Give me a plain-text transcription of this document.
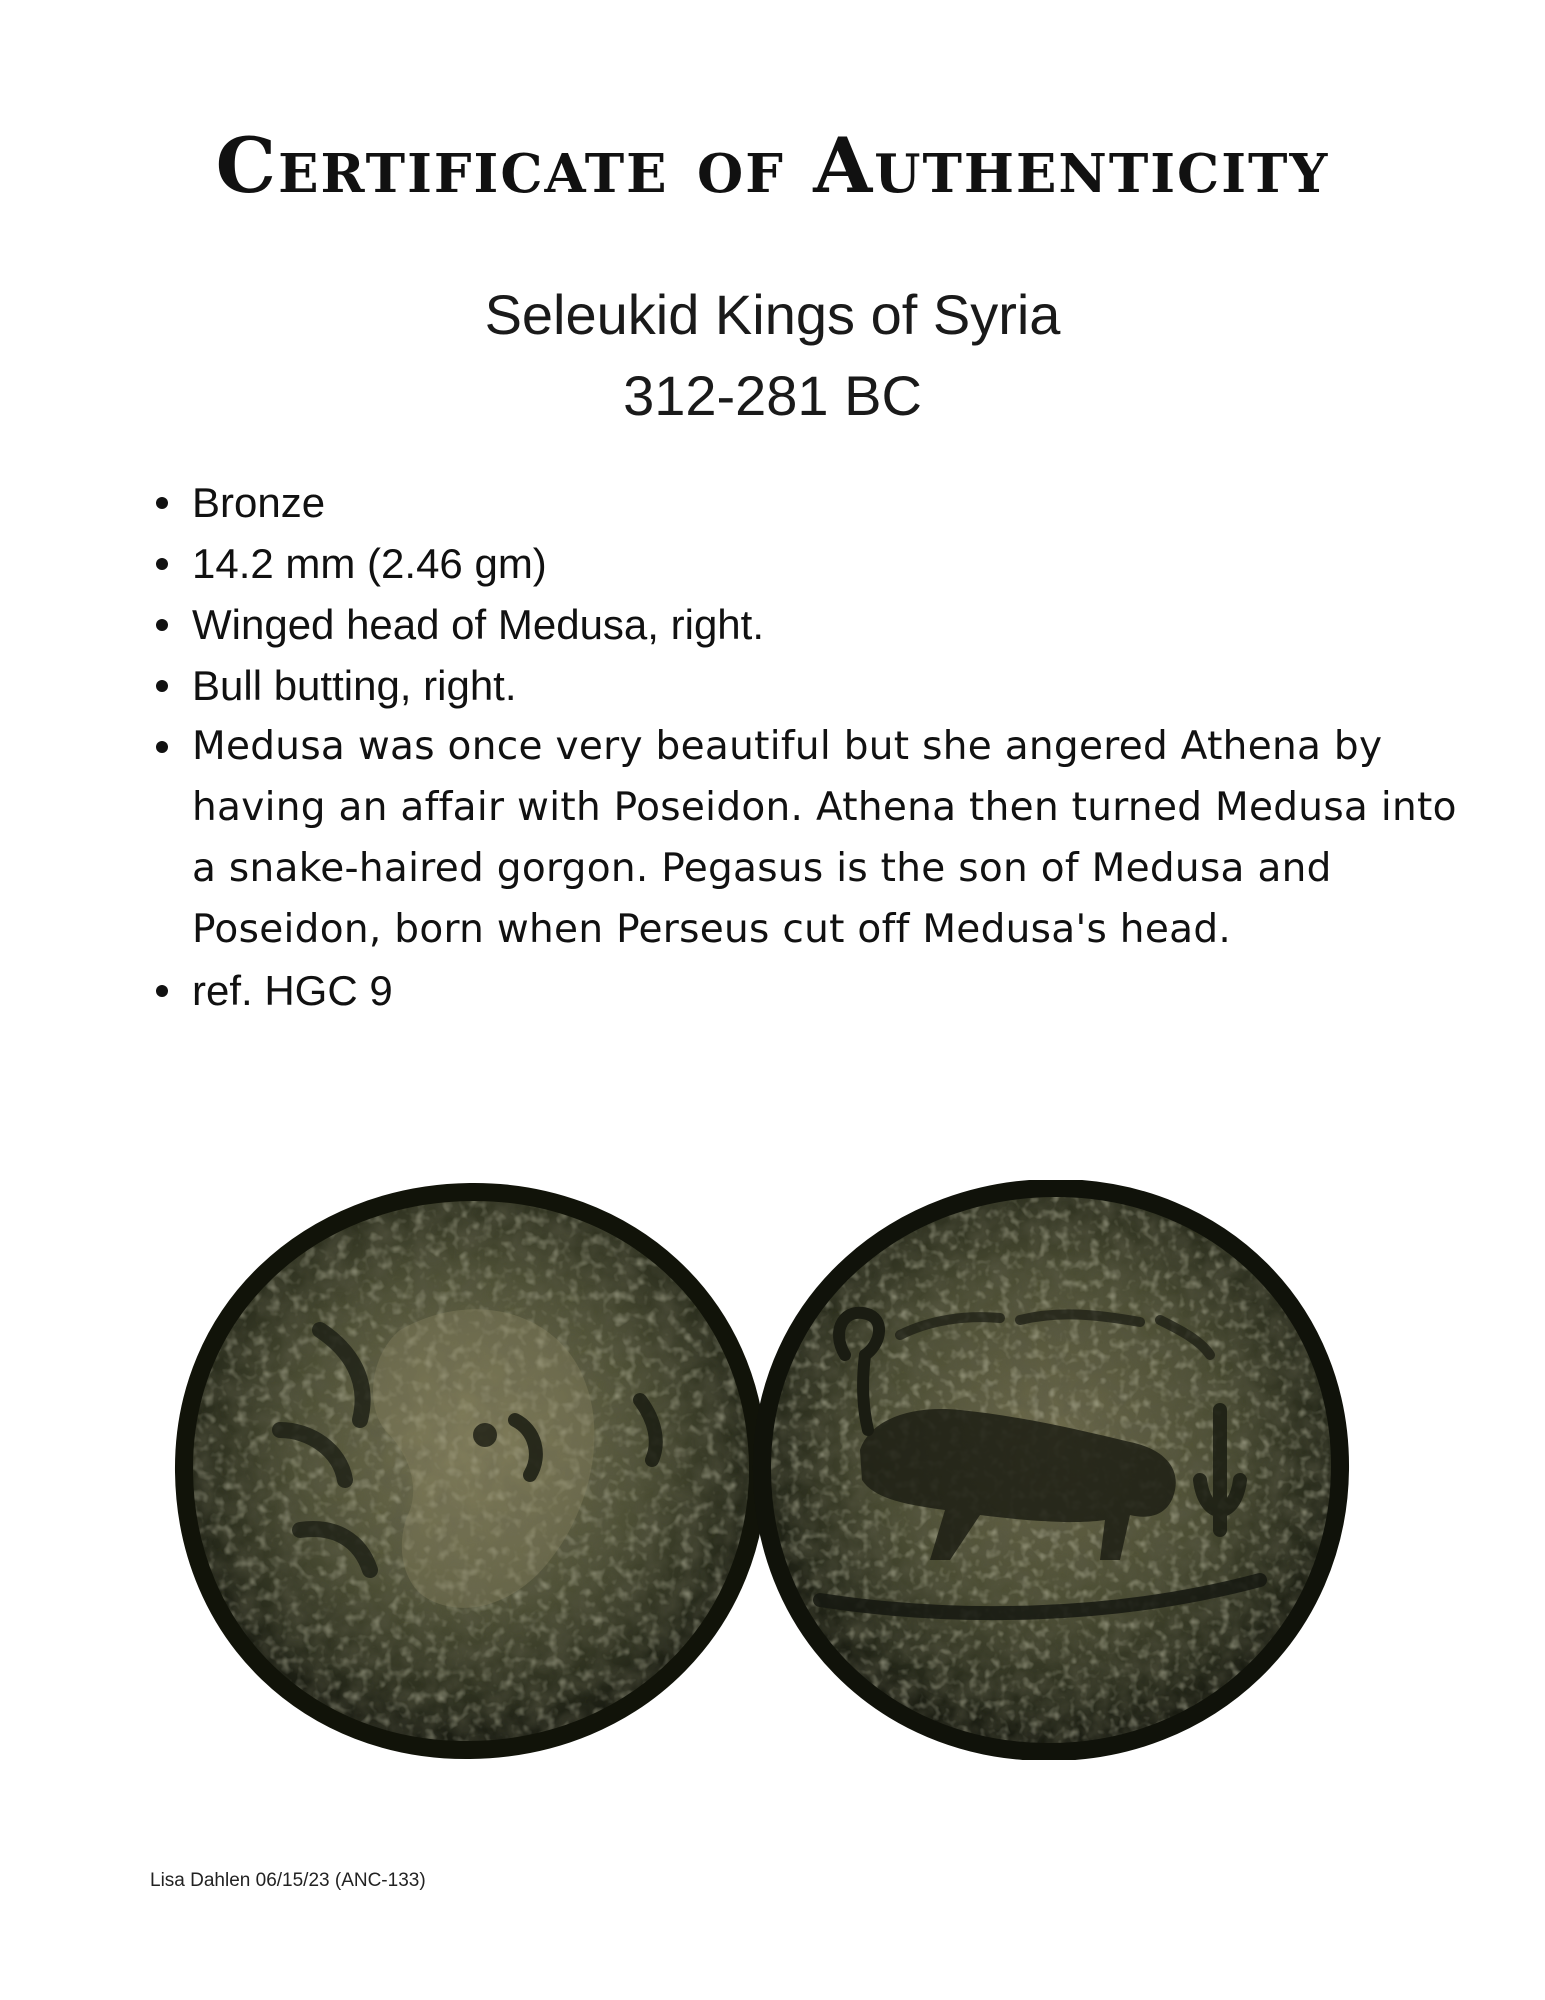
Certificate of Authenticity
Seleukid Kings of Syria
312-281 BC
Bronze
14.2 mm (2.46 gm)
Winged head of Medusa, right.
Bull butting, right.
Medusa was once very beautiful but she angered Athena by having an affair with Poseidon. Athena then turned Medusa into a snake-haired gorgon. Pegasus is the son of Medusa and Poseidon, born when Perseus cut off Medusa's head.
ref. HGC 9
Lisa Dahlen 06/15/23 (ANC-133)
